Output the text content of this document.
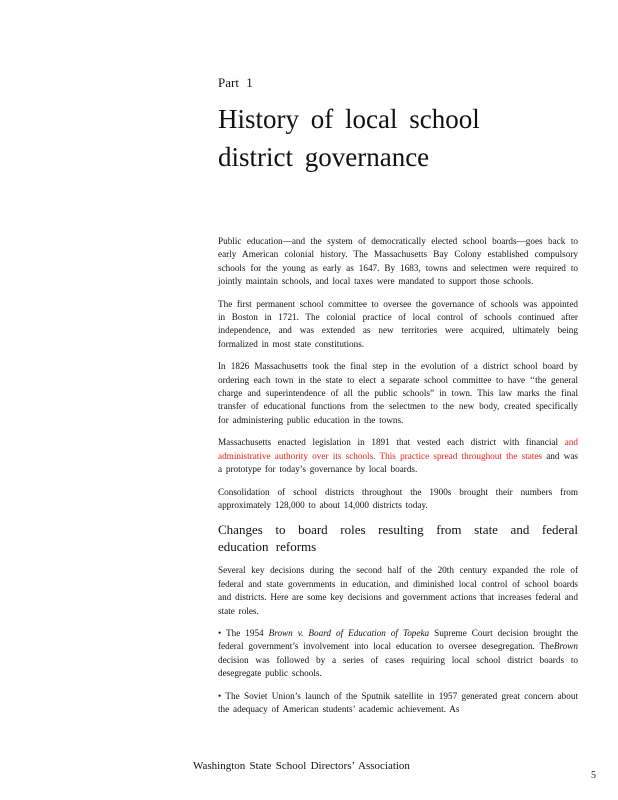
Part 1
History of local school
district governance

Public education—and the system of democratically elected school boards—goes back to early American colonial history. The Massachusetts Bay Colony established compulsory schools for the young as early as 1647. By 1683, towns and selectmen were required to jointly maintain schools, and local taxes were mandated to support those schools.

The first permanent school committee to oversee the governance of schools was appointed in Boston in 1721. The colonial practice of local control of schools continued after independence, and was extended as new territories were acquired, ultimately being formalized in most state constitutions.

In 1826 Massachusetts took the final step in the evolution of a district school board by ordering each town in the state to elect a separate school committee to have ‘‘the general charge and superintendence of all the public schools” in town. This law marks the final transfer of educational functions from the selectmen to the new body, created specifically for administering public education in the towns.

Massachusetts enacted legislation in 1891 that vested each district with financial and administrative authority over its schools. This practice spread throughout the states and was a prototype for today’s governance by local boards.

Consolidation of school districts throughout the 1900s brought their numbers from approximately 128,000 to about 14,000 districts today.

Changes to board roles resulting from state and federal education reforms

Several key decisions during the second half of the 20th century expanded the role of federal and state governments in education, and diminished local control of school boards and districts. Here are some key decisions and government actions that increases federal and state roles.

• The 1954 Brown v. Board of Education of Topeka Supreme Court decision brought the federal government’s involvement into local education to oversee desegregation. TheBrown decision was followed by a series of cases requiring local school district boards to desegregate public schools.

• The Soviet Union’s launch of the Sputnik satellite in 1957 generated great concern about the adequacy of American students’ academic achievement. As

Washington State School Directors’ Association
5
